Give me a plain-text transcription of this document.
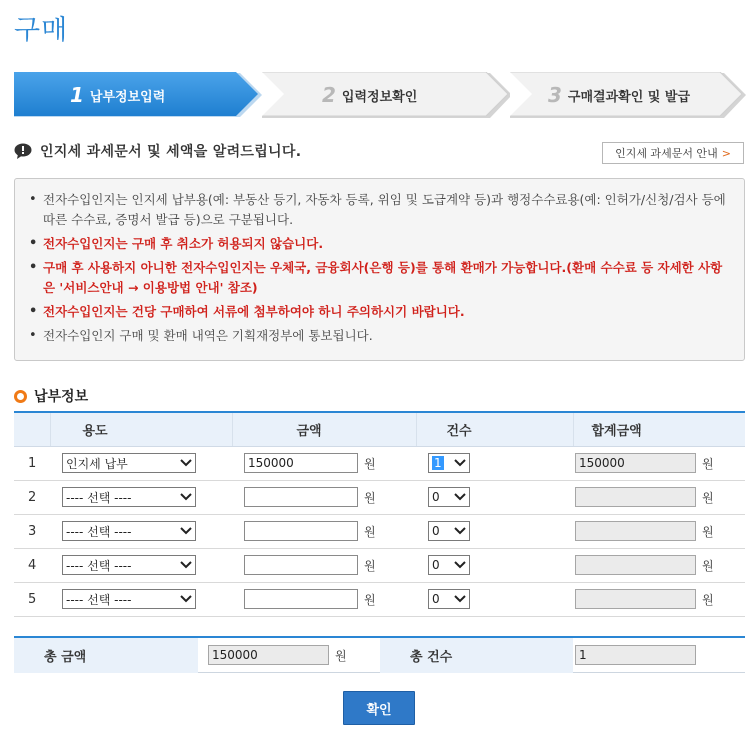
구매
1 납부정보입력	2 입력정보확인	3 구매결과확인 및 발급
인지세 과세문서 및 세액을 알려드립니다.	인지세 과세문서 안내 >
• 전자수입인지는 인지세 납부용(예: 부동산 등기, 자동차 등록, 위임 및 도급계약 등)과 행정수수료용(예: 인허가/신청/검사 등에 따른 수수료, 증명서 발급 등)으로 구분됩니다.
• 전자수입인지는 구매 후 취소가 허용되지 않습니다.
• 구매 후 사용하지 아니한 전자수입인지는 우체국, 금융회사(은행 등)를 통해 환매가 가능합니다.(환매 수수료 등 자세한 사항은 '서비스안내 → 이용방법 안내' 참조)
• 전자수입인지는 건당 구매하여 서류에 첨부하여야 하니 주의하시기 바랍니다.
• 전자수입인지 구매 및 환매 내역은 기획재정부에 통보됩니다.
납부정보
	용도	금액	건수	합계금액
1	인지세 납부	150000 원	1	150000 원
2	---- 선택 ----	원	0	원
3	---- 선택 ----	원	0	원
4	---- 선택 ----	원	0	원
5	---- 선택 ----	원	0	원
총 금액	150000	원	총 건수	1
확인
